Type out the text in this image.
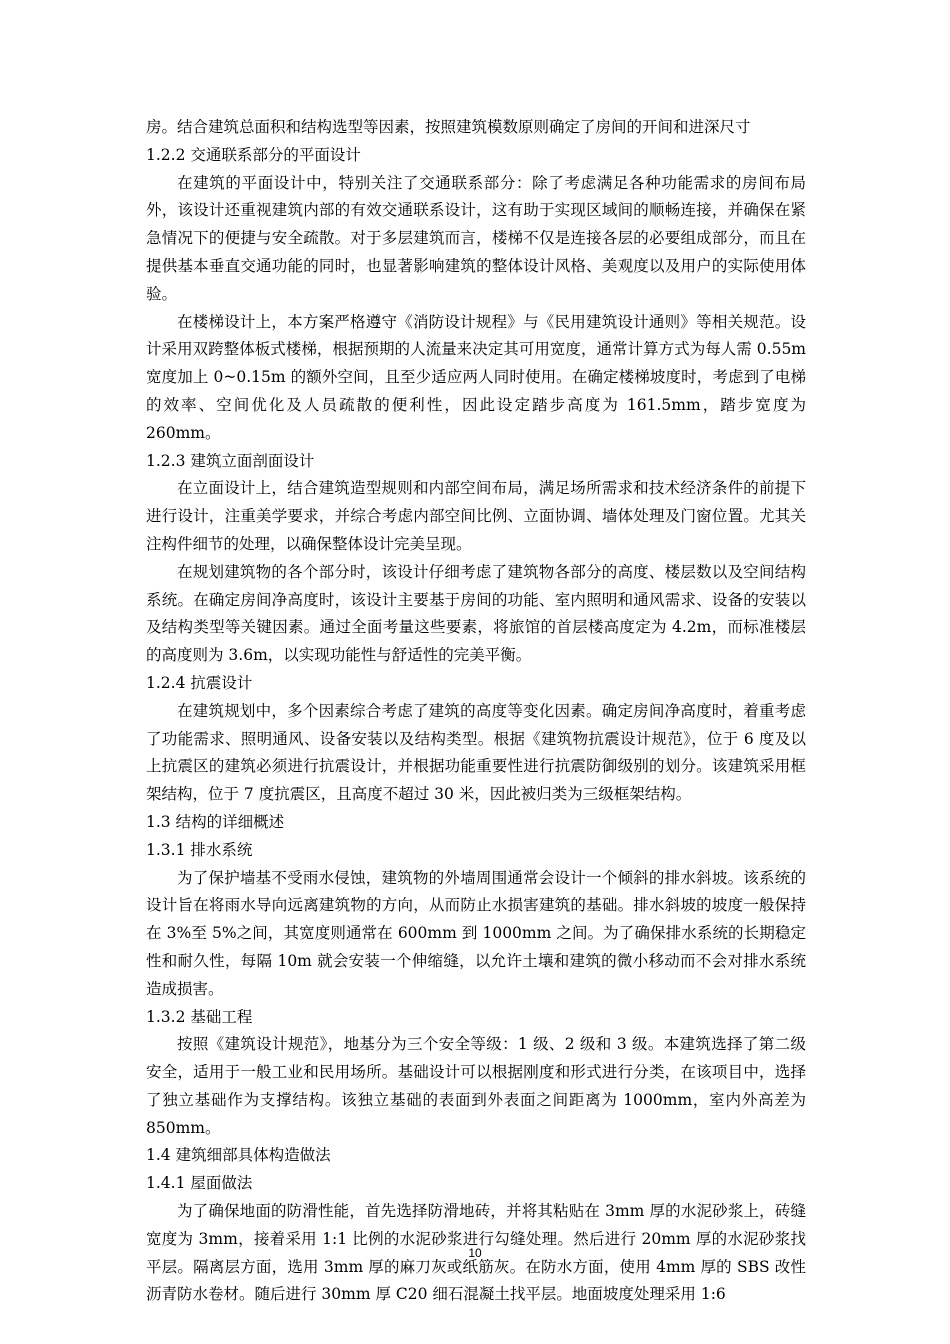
房。结合建筑总面积和结构选型等因素，按照建筑模数原则确定了房间的开间和进深尺寸

1.2.2 交通联系部分的平面设计

在建筑的平面设计中，特别关注了交通联系部分：除了考虑满足各种功能需求的房间布局外，该设计还重视建筑内部的有效交通联系设计，这有助于实现区域间的顺畅连接，并确保在紧急情况下的便捷与安全疏散。对于多层建筑而言，楼梯不仅是连接各层的必要组成部分，而且在提供基本垂直交通功能的同时，也显著影响建筑的整体设计风格、美观度以及用户的实际使用体验。

在楼梯设计上，本方案严格遵守《消防设计规程》与《民用建筑设计通则》等相关规范。设计采用双跨整体板式楼梯，根据预期的人流量来决定其可用宽度，通常计算方式为每人需 0.55m 宽度加上 0~0.15m 的额外空间，且至少适应两人同时使用。在确定楼梯坡度时，考虑到了电梯的效率、空间优化及人员疏散的便利性，因此设定踏步高度为 161.5mm，踏步宽度为 260mm。

1.2.3 建筑立面剖面设计

在立面设计上，结合建筑造型规则和内部空间布局，满足场所需求和技术经济条件的前提下进行设计，注重美学要求，并综合考虑内部空间比例、立面协调、墙体处理及门窗位置。尤其关注构件细节的处理，以确保整体设计完美呈现。

在规划建筑物的各个部分时，该设计仔细考虑了建筑物各部分的高度、楼层数以及空间结构系统。在确定房间净高度时，该设计主要基于房间的功能、室内照明和通风需求、设备的安装以及结构类型等关键因素。通过全面考量这些要素，将旅馆的首层楼高度定为 4.2m，而标准楼层的高度则为 3.6m，以实现功能性与舒适性的完美平衡。

1.2.4 抗震设计

在建筑规划中，多个因素综合考虑了建筑的高度等变化因素。确定房间净高度时，着重考虑了功能需求、照明通风、设备安装以及结构类型。根据《建筑物抗震设计规范》，位于 6 度及以上抗震区的建筑必须进行抗震设计，并根据功能重要性进行抗震防御级别的划分。该建筑采用框架结构，位于 7 度抗震区，且高度不超过 30 米，因此被归类为三级框架结构。

1.3 结构的详细概述

1.3.1 排水系统

为了保护墙基不受雨水侵蚀，建筑物的外墙周围通常会设计一个倾斜的排水斜坡。该系统的设计旨在将雨水导向远离建筑物的方向，从而防止水损害建筑的基础。排水斜坡的坡度一般保持在 3%至 5%之间，其宽度则通常在 600mm 到 1000mm 之间。为了确保排水系统的长期稳定性和耐久性，每隔 10m 就会安装一个伸缩缝，以允许土壤和建筑的微小移动而不会对排水系统造成损害。

1.3.2 基础工程

按照《建筑设计规范》，地基分为三个安全等级：1 级、2 级和 3 级。本建筑选择了第二级安全，适用于一般工业和民用场所。基础设计可以根据刚度和形式进行分类，在该项目中，选择了独立基础作为支撑结构。该独立基础的表面到外表面之间距离为 1000mm，室内外高差为 850mm。

1.4 建筑细部具体构造做法

1.4.1 屋面做法

为了确保地面的防滑性能，首先选择防滑地砖，并将其粘贴在 3mm 厚的水泥砂浆上，砖缝宽度为 3mm，接着采用 1:1 比例的水泥砂浆进行勾缝处理。然后进行 20mm 厚的水泥砂浆找平层。隔离层方面，选用 3mm 厚的麻刀灰或纸筋灰。在防水方面，使用 4mm 厚的 SBS 改性沥青防水卷材。随后进行 30mm 厚 C20 细石混凝土找平层。地面坡度处理采用 1:6

10
